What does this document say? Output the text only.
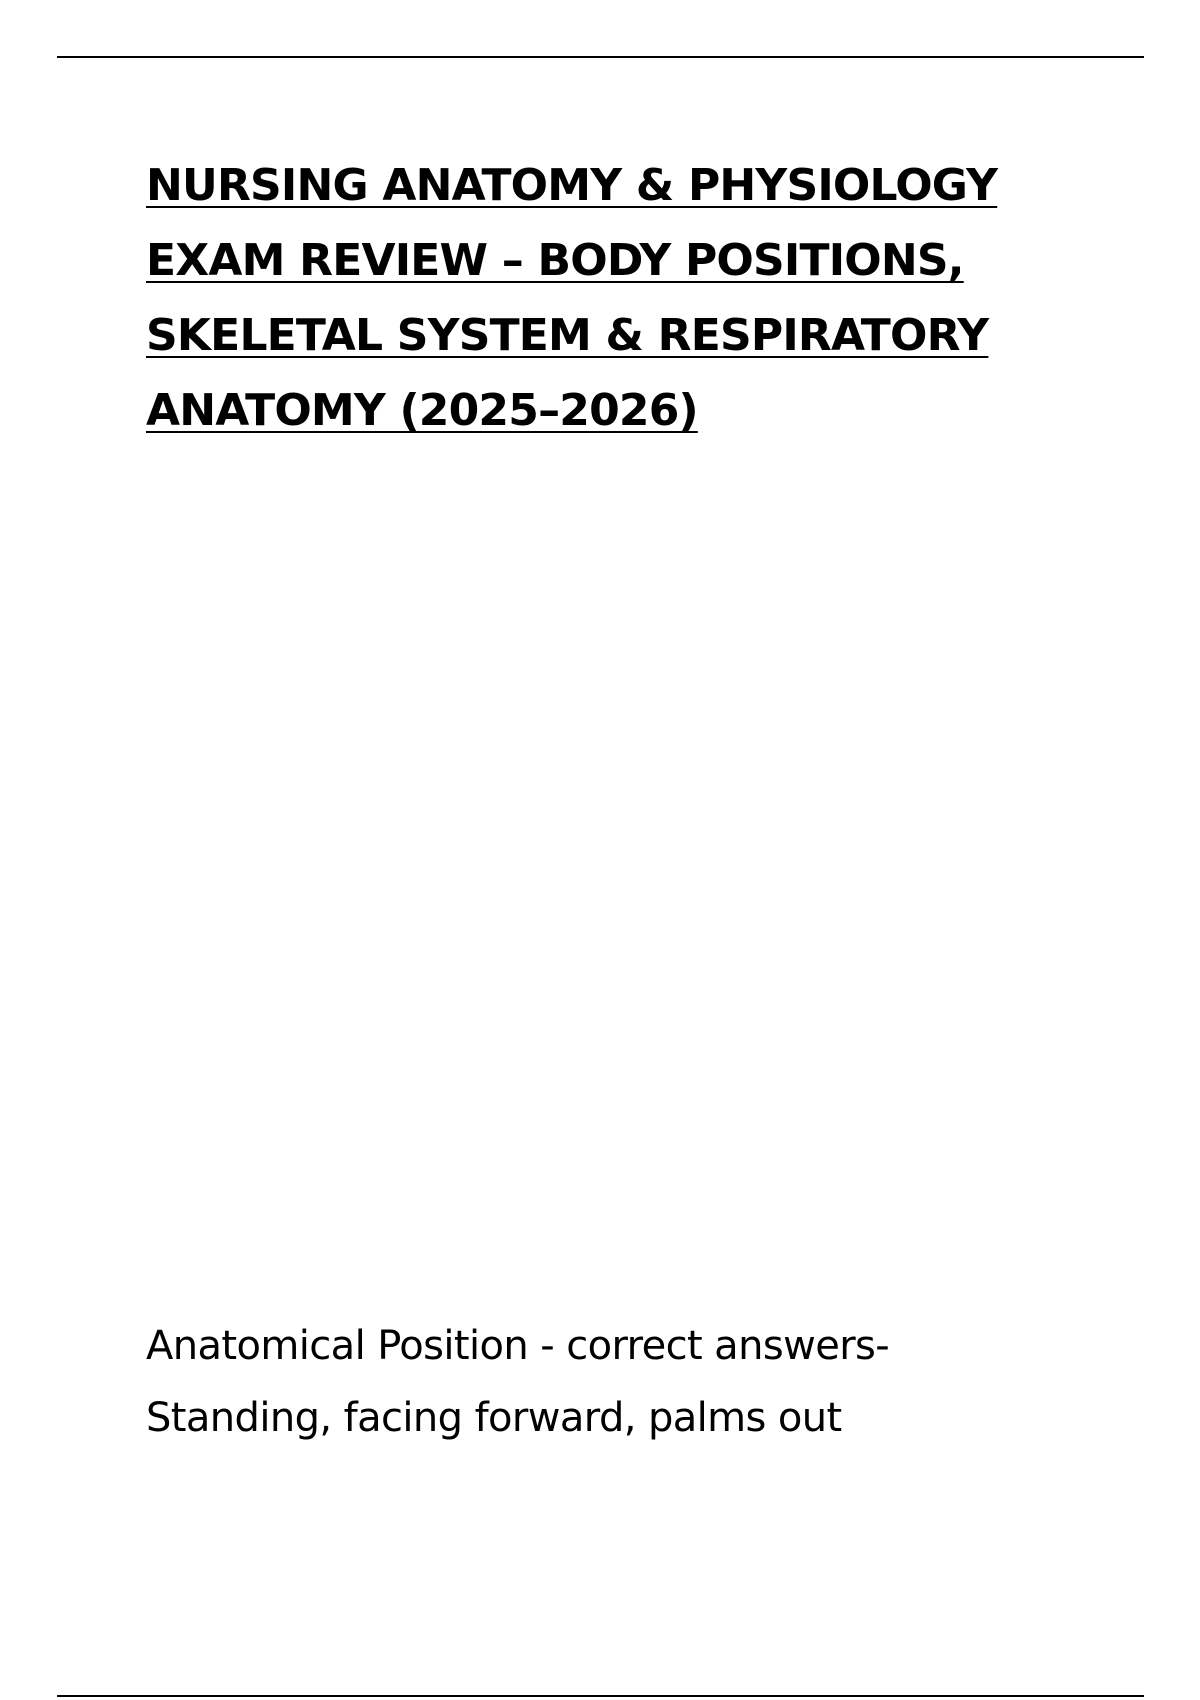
NURSING ANATOMY & PHYSIOLOGY
EXAM REVIEW – BODY POSITIONS,
SKELETAL SYSTEM & RESPIRATORY
ANATOMY (2025–2026)
Anatomical Position - correct answers-
Standing, facing forward, palms out
